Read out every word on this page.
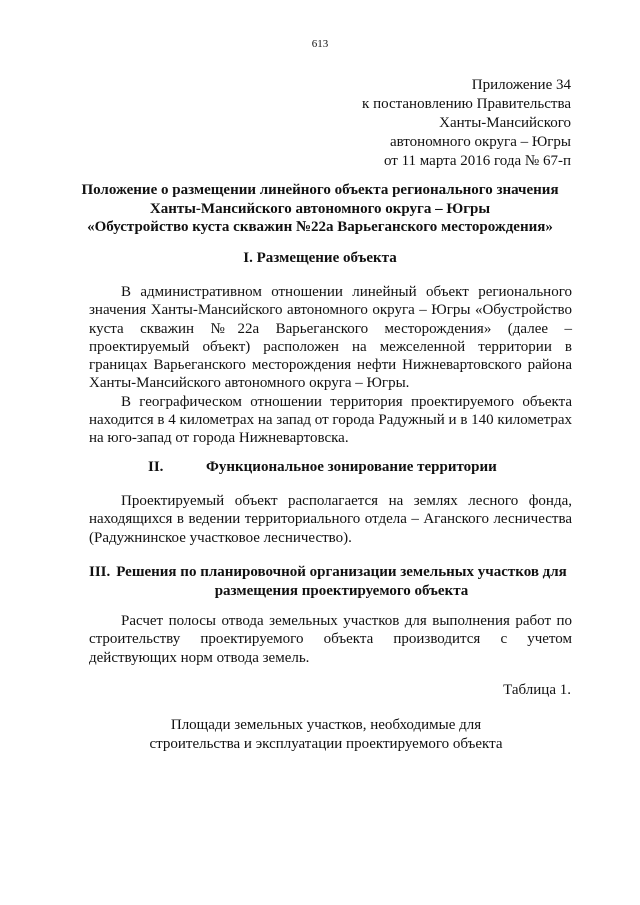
613
Приложение 34
к постановлению Правительства
Ханты-Мансийского
автономного округа – Югры
от 11 марта 2016 года № 67-п
Положение о размещении линейного объекта регионального значения
Ханты-Мансийского автономного округа – Югры
«Обустройство куста скважин №22а Варьеганского месторождения»
I. Размещение объекта

В административном отношении линейный объект регионального значения Ханты-Мансийского автономного округа – Югры «Обустройство куста скважин №22а Варьеганского месторождения» (далее – проектируемый объект) расположен на межселенной территории в границах Варьеганского месторождения нефти Нижневартовского района Ханты-Мансийского автономного округа – Югры.

В географическом отношении территория проектируемого объекта находится в 4 километрах на запад от города Радужный и в 140 километрах на юго-запад от города Нижневартовска.

II.	Функциональное зонирование территории

Проектируемый объект располагается на землях лесного фонда, находящихся в ведении территориального отдела – Аганского лесничества (Радужнинское участковое лесничество).

III. Решения по планировочной организации земельных участков для
размещения проектируемого объекта

Расчет полосы отвода земельных участков для выполнения работ по строительству проектируемого объекта производится с учетом действующих норм отвода земель.

Таблица 1.
Площади земельных участков, необходимые для
строительства и эксплуатации проектируемого объекта
